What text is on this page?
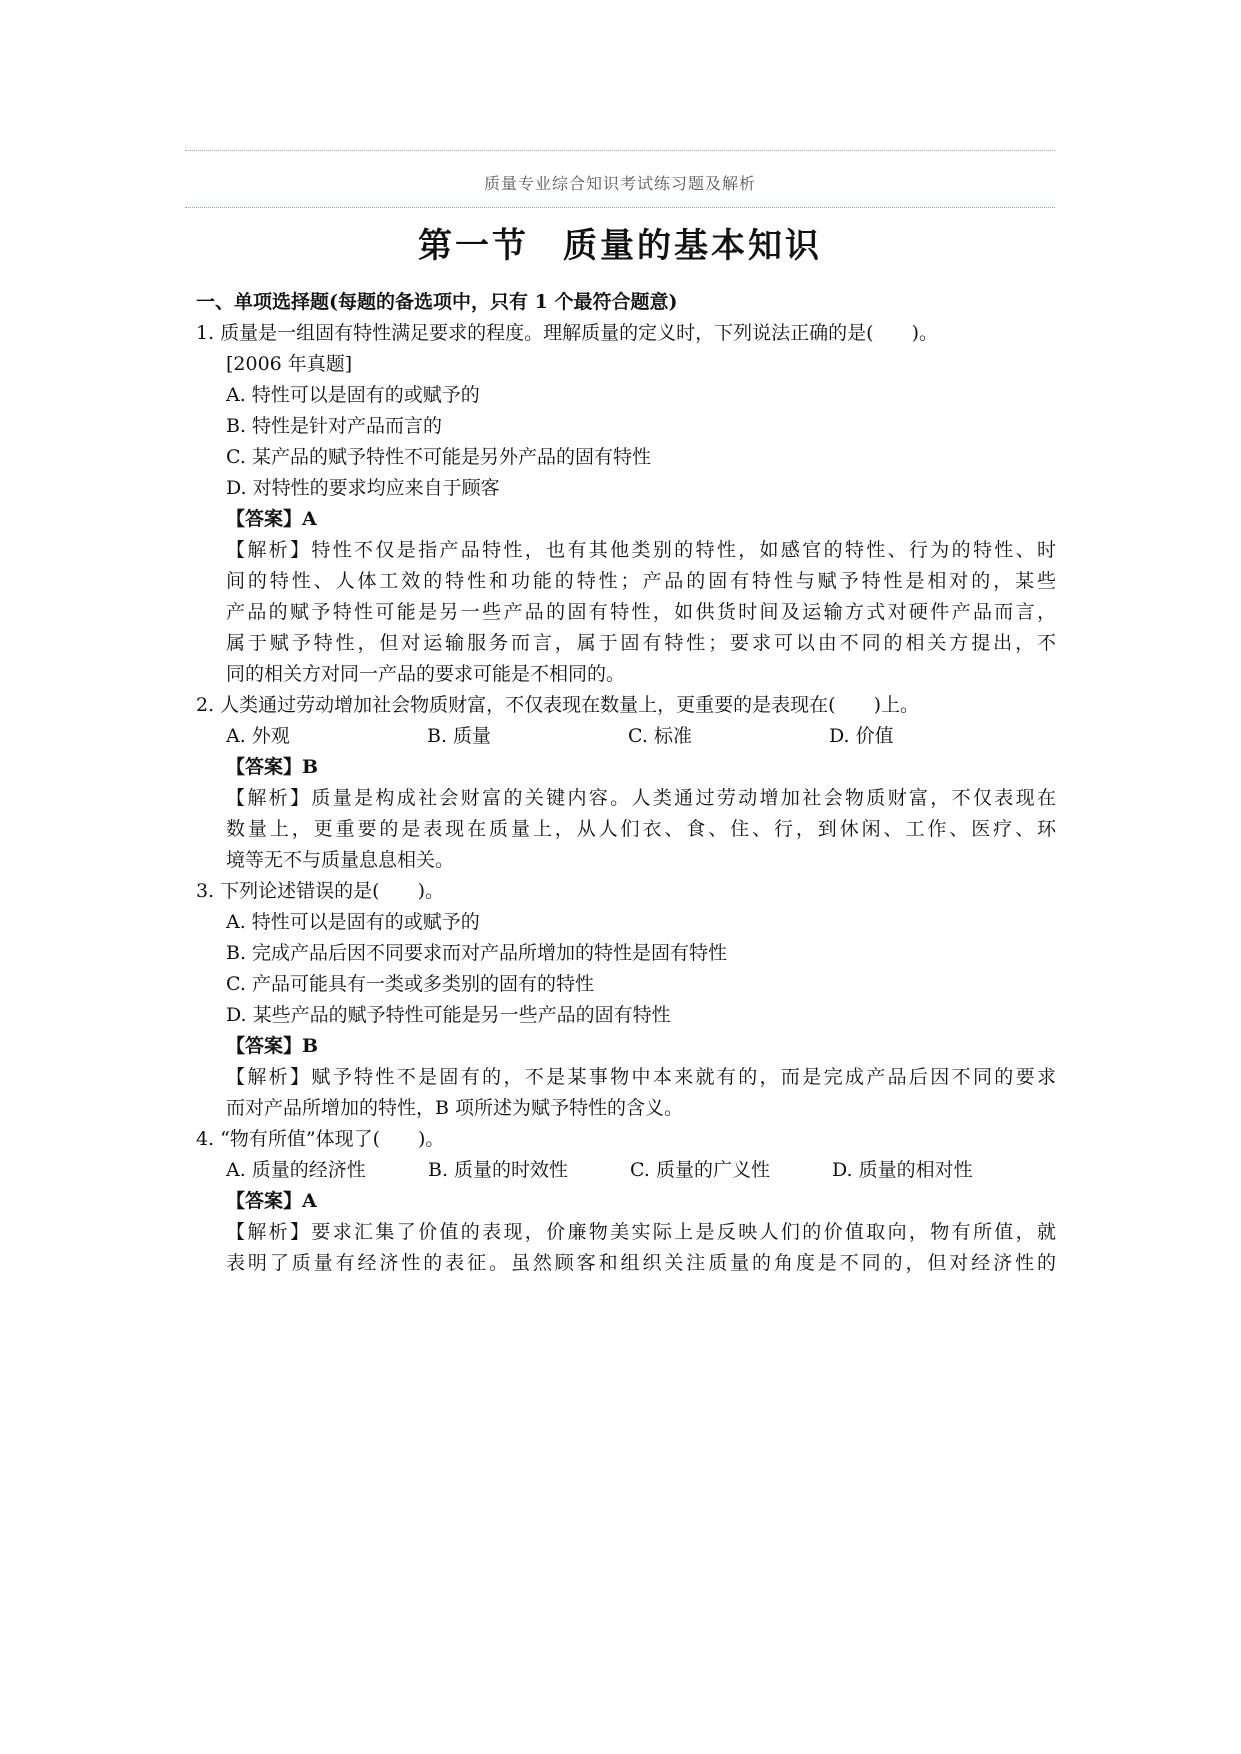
质量专业综合知识考试练习题及解析
第一节 质量的基本知识
一、单项选择题(每题的备选项中，只有 1 个最符合题意)
1. 质量是一组固有特性满足要求的程度。理解质量的定义时，下列说法正确的是(　　)。
[2006 年真题]
A. 特性可以是固有的或赋予的
B. 特性是针对产品而言的
C. 某产品的赋予特性不可能是另外产品的固有特性
D. 对特性的要求均应来自于顾客
【答案】A
【解析】特性不仅是指产品特性，也有其他类别的特性，如感官的特性、行为的特性、时
间的特性、人体工效的特性和功能的特性；产品的固有特性与赋予特性是相对的，某些
产品的赋予特性可能是另一些产品的固有特性，如供货时间及运输方式对硬件产品而言，
属于赋予特性，但对运输服务而言，属于固有特性；要求可以由不同的相关方提出，不
同的相关方对同一产品的要求可能是不相同的。
2. 人类通过劳动增加社会物质财富，不仅表现在数量上，更重要的是表现在(　　)上。
A. 外观	B. 质量	C. 标准	D. 价值
【答案】B
【解析】质量是构成社会财富的关键内容。人类通过劳动增加社会物质财富，不仅表现在
数量上，更重要的是表现在质量上，从人们衣、食、住、行，到休闲、工作、医疗、环
境等无不与质量息息相关。
3. 下列论述错误的是(　　)。
A. 特性可以是固有的或赋予的
B. 完成产品后因不同要求而对产品所增加的特性是固有特性
C. 产品可能具有一类或多类别的固有的特性
D. 某些产品的赋予特性可能是另一些产品的固有特性
【答案】B
【解析】赋予特性不是固有的，不是某事物中本来就有的，而是完成产品后因不同的要求
而对产品所增加的特性，B 项所述为赋予特性的含义。
4. “物有所值”体现了(　　)。
A. 质量的经济性	B. 质量的时效性	C. 质量的广义性	D. 质量的相对性
【答案】A
【解析】要求汇集了价值的表现，价廉物美实际上是反映人们的价值取向，物有所值，就
表明了质量有经济性的表征。虽然顾客和组织关注质量的角度是不同的，但对经济性的
